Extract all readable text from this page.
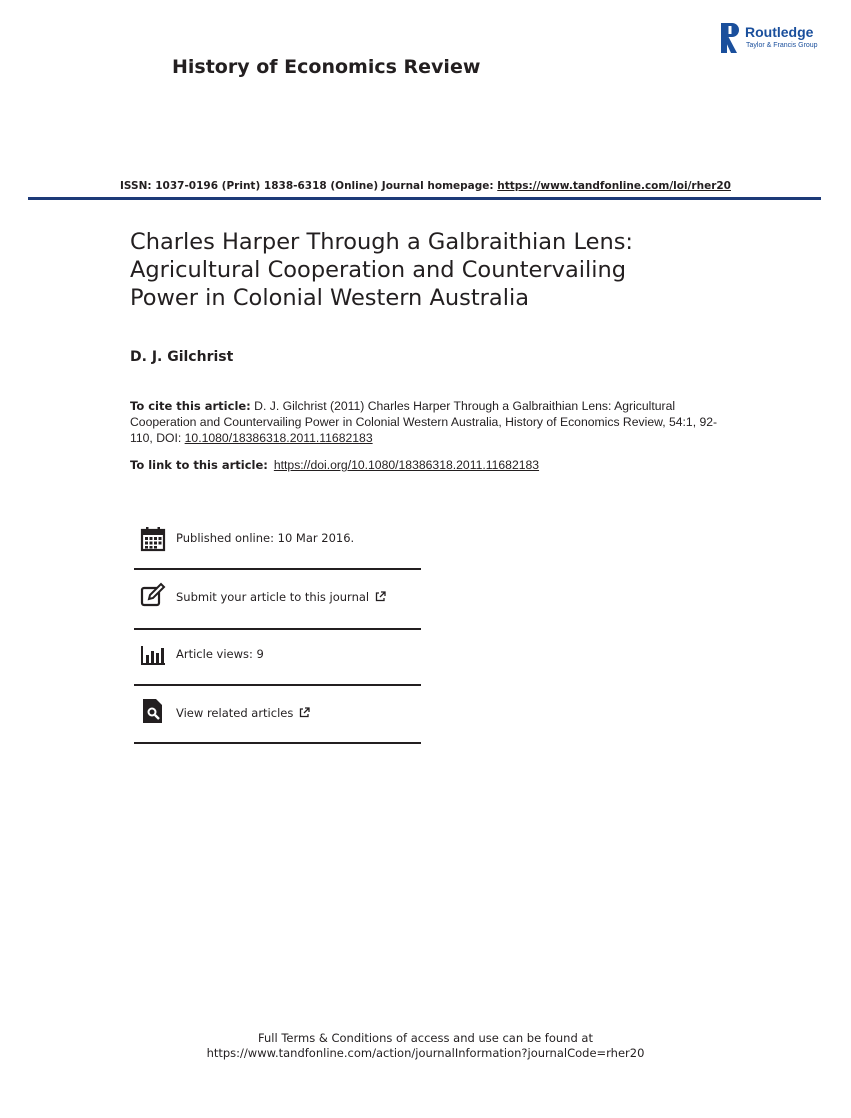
History of Economics Review
Routledge
Taylor & Francis Group
ISSN: 1037-0196 (Print) 1838-6318 (Online) Journal homepage: https://www.tandfonline.com/loi/rher20
Charles Harper Through a Galbraithian Lens:
Agricultural Cooperation and Countervailing
Power in Colonial Western Australia
D. J. Gilchrist
To cite this article: D. J. Gilchrist (2011) Charles Harper Through a Galbraithian Lens: Agricultural Cooperation and Countervailing Power in Colonial Western Australia, History of Economics Review, 54:1, 92-110, DOI: 10.1080/18386318.2011.11682183
To link to this article: https://doi.org/10.1080/18386318.2011.11682183
Published online: 10 Mar 2016.
Submit your article to this journal
Article views: 9
View related articles
Full Terms & Conditions of access and use can be found at
https://www.tandfonline.com/action/journalInformation?journalCode=rher20
